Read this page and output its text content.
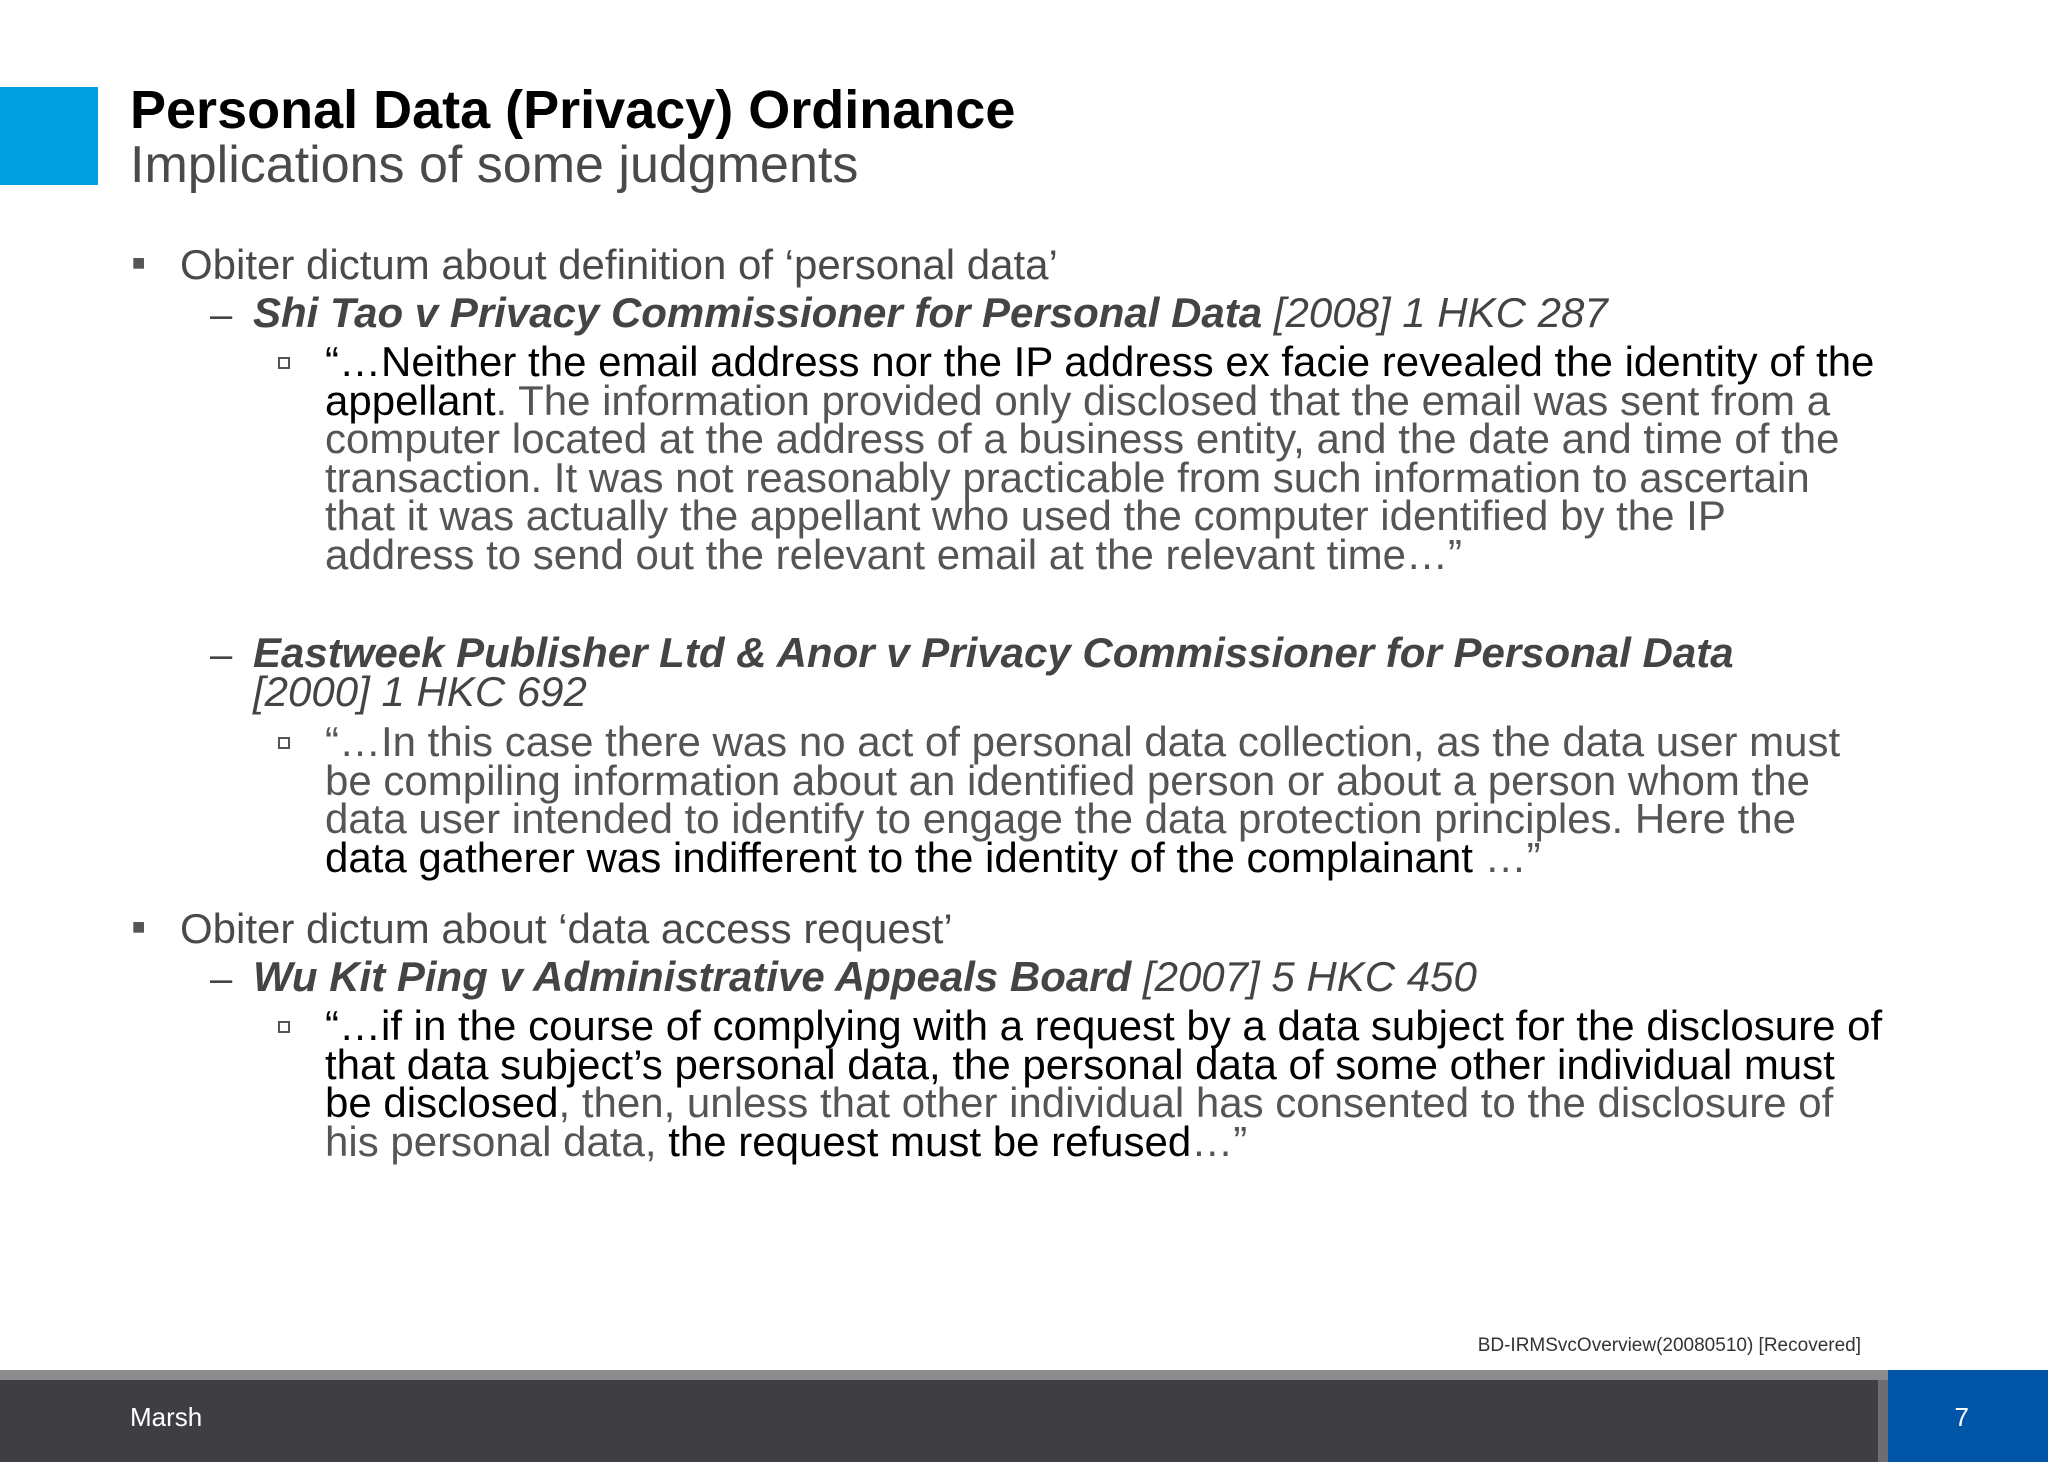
Personal Data (Privacy) Ordinance
Implications of some judgments
■ Obiter dictum about definition of ‘personal data’
– Shi Tao v Privacy Commissioner for Personal Data [2008] 1 HKC 287
“…Neither the email address nor the IP address ex facie revealed the identity of the appellant. The information provided only disclosed that the email was sent from a computer located at the address of a business entity, and the date and time of the transaction. It was not reasonably practicable from such information to ascertain that it was actually the appellant who used the computer identified by the IP address to send out the relevant email at the relevant time…”
– Eastweek Publisher Ltd & Anor v Privacy Commissioner for Personal Data
[2000] 1 HKC 692
“…In this case there was no act of personal data collection, as the data user must be compiling information about an identified person or about a person whom the data user intended to identify to engage the data protection principles. Here the data gatherer was indifferent to the identity of the complainant …”
■ Obiter dictum about ‘data access request’
– Wu Kit Ping v Administrative Appeals Board [2007] 5 HKC 450
“…if in the course of complying with a request by a data subject for the disclosure of that data subject’s personal data, the personal data of some other individual must be disclosed, then, unless that other individual has consented to the disclosure of his personal data, the request must be refused…”
BD-IRMSvcOverview(20080510) [Recovered]
Marsh	7
